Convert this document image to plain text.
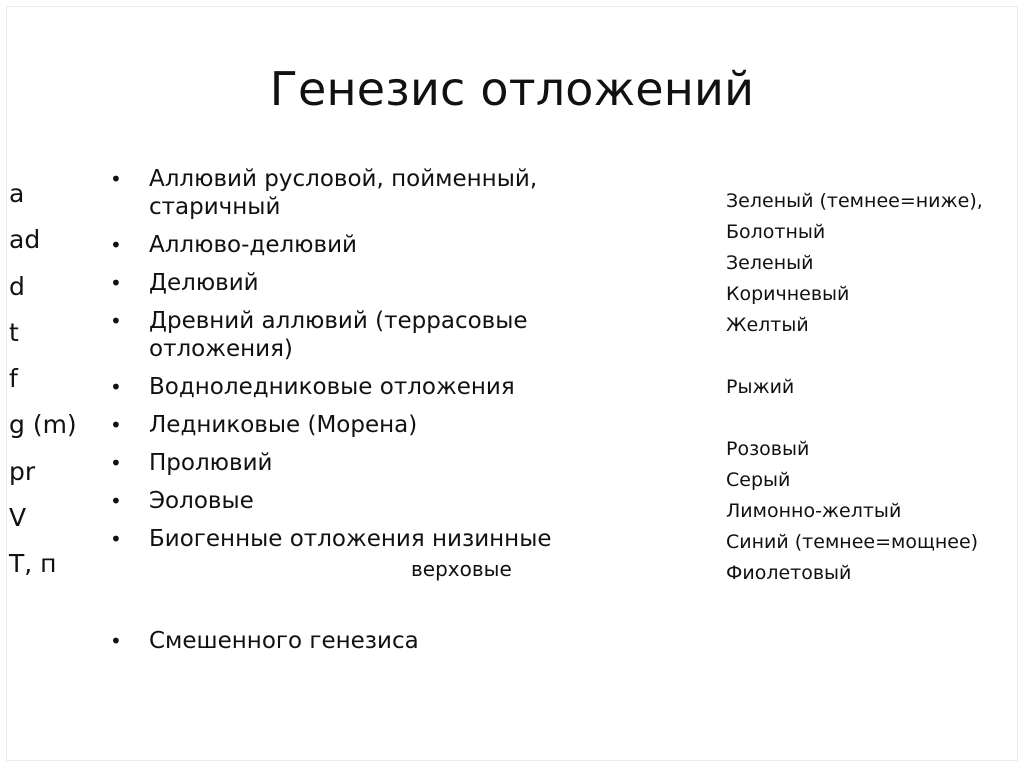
Генезис отложений
a
ad
d
t
f
g (m)
pr
V
T, п
• Аллювий русловой, пойменный, старичный
• Аллюво-делювий
• Делювий
• Древний аллювий (террасовые отложения)
• Водноледниковые отложения
• Ледниковые (Морена)
• Пролювий
• Эоловые
• Биогенные отложения низинные
верховые
• Смешенного генезиса
Зеленый (темнее=ниже),
Болотный
Зеленый
Коричневый
Желтый
Рыжий
Розовый
Серый
Лимонно-желтый
Синий (темнее=мощнее)
Фиолетовый
